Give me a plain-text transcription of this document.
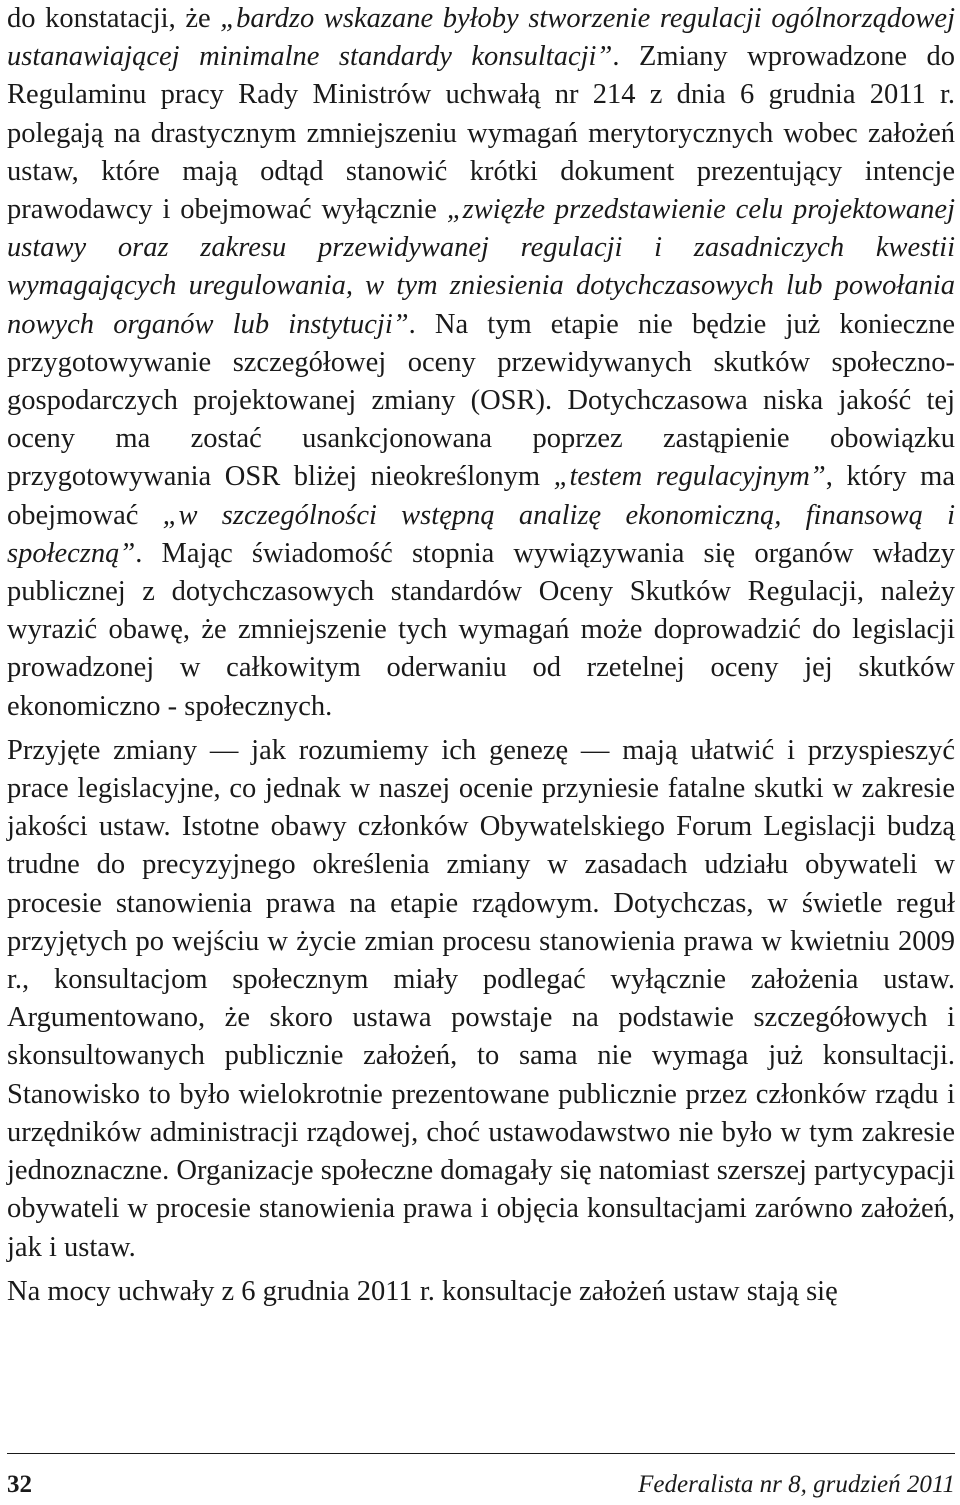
do konstatacji, że „bardzo wskazane byłoby stworzenie regulacji ogólnorządowej ustanawiającej minimalne standardy konsultacji”. Zmiany wprowadzone do Regulaminu pracy Rady Ministrów uchwałą nr 214 z dnia 6 grudnia 2011 r. polegają na drastycznym zmniejszeniu wymagań merytorycznych wobec założeń ustaw, które mają odtąd stanowić krótki dokument prezentujący intencje prawodawcy i obejmować wyłącznie „zwięzłe przedstawienie celu projektowanej ustawy oraz zakresu przewidywanej regulacji i zasadniczych kwestii wymagających uregulowania, w tym zniesienia dotychczasowych lub powołania nowych organów lub instytucji”. Na tym etapie nie będzie już konieczne przygotowywanie szczegółowej oceny przewidywanych skutków społeczno-gospodarczych projektowanej zmiany (OSR). Dotychczasowa niska jakość tej oceny ma zostać usankcjonowana poprzez zastąpienie obowiązku przygotowywania OSR bliżej nieokreślonym „testem regulacyjnym”, który ma obejmować „w szczególności wstępną analizę ekonomiczną, finansową i społeczną”. Mając świadomość stopnia wywiązywania się organów władzy publicznej z dotychczasowych standardów Oceny Skutków Regulacji, należy wyrazić obawę, że zmniejszenie tych wymagań może doprowadzić do legislacji prowadzonej w całkowitym oderwaniu od rzetelnej oceny jej skutków ekonomiczno - społecznych.

Przyjęte zmiany — jak rozumiemy ich genezę — mają ułatwić i przyspieszyć prace legislacyjne, co jednak w naszej ocenie przyniesie fatalne skutki w zakresie jakości ustaw. Istotne obawy członków Obywatelskiego Forum Legislacji budzą trudne do precyzyjnego określenia zmiany w zasadach udziału obywateli w procesie stanowienia prawa na etapie rządowym. Dotychczas, w świetle reguł przyjętych po wejściu w życie zmian procesu stanowienia prawa w kwietniu 2009 r., konsultacjom społecznym miały podlegać wyłącznie założenia ustaw. Argumentowano, że skoro ustawa powstaje na podstawie szczegółowych i skonsultowanych publicznie założeń, to sama nie wymaga już konsultacji. Stanowisko to było wielokrotnie prezentowane publicznie przez członków rządu i urzędników administracji rządowej, choć ustawodawstwo nie było w tym zakresie jednoznaczne. Organizacje społeczne domagały się natomiast szerszej partycypacji obywateli w procesie stanowienia prawa i objęcia konsultacjami zarówno założeń, jak i ustaw.

Na mocy uchwały z 6 grudnia 2011 r. konsultacje założeń ustaw stają się

32	Federalista nr 8, grudzień 2011
